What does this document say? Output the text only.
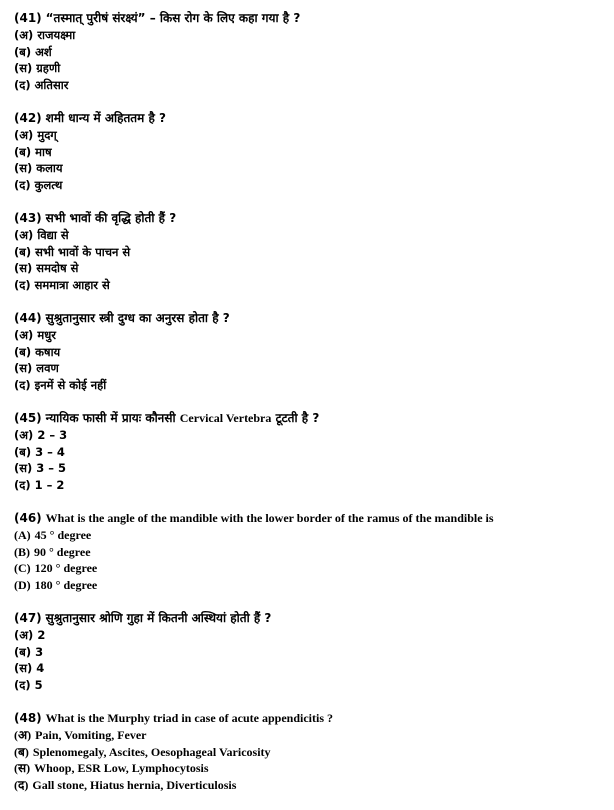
(41) “तस्मात् पुरीषं संरक्ष्यं” – किस रोग के लिए कहा गया है ?
(अ) राजयक्ष्मा
(ब) अर्श
(स) ग्रहणी
(द) अतिसार
(42) शमी धान्य में अहिततम है ?
(अ) मुदग्
(ब) माष
(स) कलाय
(द) कुलत्थ
(43) सभी भावों की वृद्धि होती हैं ?
(अ) विद्या से
(ब) सभी भावों के पाचन से
(स) समदोष से
(द) सममात्रा आहार से
(44) सुश्रुतानुसार स्त्री दुग्ध का अनुरस होता है ?
(अ) मधुर
(ब) कषाय
(स) लवण
(द) इनमें से कोई नहीं
(45) न्यायिक फासी में प्रायः कौनसी
Cervical Vertebra
टूटती है ?
(अ) 2 – 3
(ब) 3 – 4
(स) 3 – 5
(द) 1 – 2
(46) What is the angle of the mandible with the lower border of the ramus of the mandible is
(A) 45 ° degree
(B) 90 ° degree
(C) 120 ° degree
(D) 180 ° degree
(47) सुश्रुतानुसार श्रोणि गुहा में कितनी अस्थियां होती हैं ?
(अ) 2
(ब) 3
(स) 4
(द) 5
(48) What is the Murphy triad in case of acute appendicitis ?
(अ) Pain, Vomiting, Fever
(ब) Splenomegaly, Ascites, Oesophageal Varicosity
(स) Whoop, ESR Low, Lymphocytosis
(द) Gall stone, Hiatus hernia, Diverticulosis
